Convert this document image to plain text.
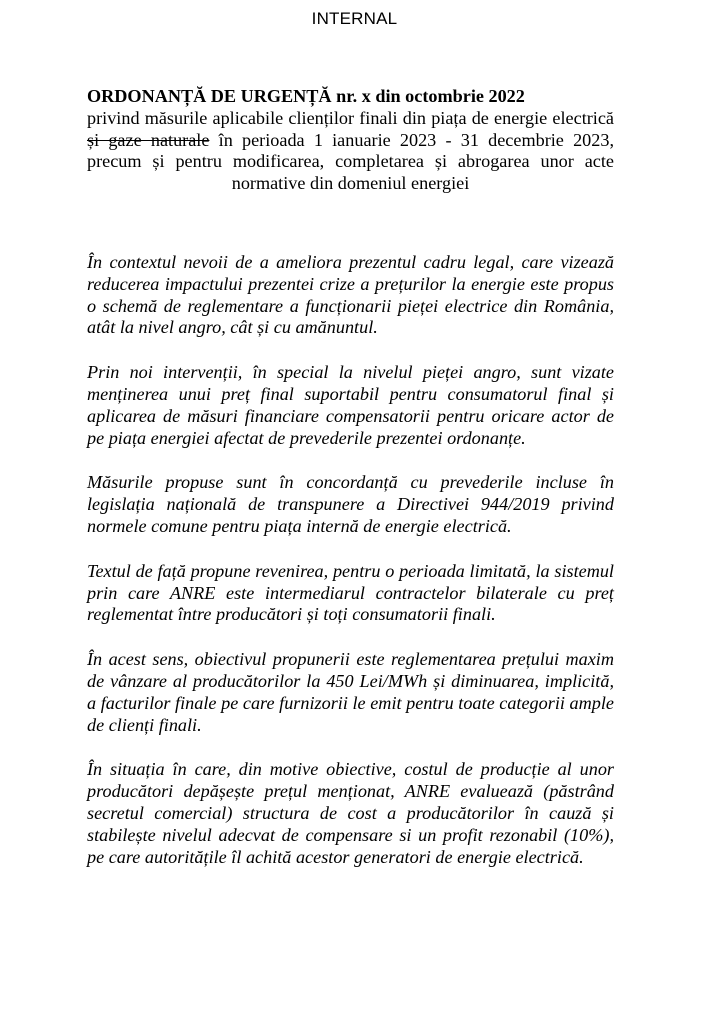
INTERNAL
ORDONANȚĂ DE URGENȚĂ nr. x din octombrie 2022
privind măsurile aplicabile clienților finali din piața de energie electrică și gaze naturale în perioada 1 ianuarie 2023 - 31 decembrie 2023, precum și pentru modificarea, completarea și abrogarea unor acte normative din domeniul energiei

În contextul nevoii de a ameliora prezentul cadru legal, care vizează reducerea impactului prezentei crize a prețurilor la energie este propus o schemă de reglementare a funcționarii pieței electrice din România, atât la nivel angro, cât și cu amănuntul.

Prin noi intervenții, în special la nivelul pieței angro, sunt vizate menținerea unui preț final suportabil pentru consumatorul final și aplicarea de măsuri financiare compensatorii pentru oricare actor de pe piața energiei afectat de prevederile prezentei ordonanțe.

Măsurile propuse sunt în concordanță cu prevederile incluse în legislația națională de transpunere a Directivei 944/2019 privind normele comune pentru piața internă de energie electrică.

Textul de față propune revenirea, pentru o perioada limitată, la sistemul prin care ANRE este intermediarul contractelor bilaterale cu preț reglementat între producători și toți consumatorii finali.

În acest sens, obiectivul propunerii este reglementarea prețului maxim de vânzare al producătorilor la 450 Lei/MWh și diminuarea, implicită, a facturilor finale pe care furnizorii le emit pentru toate categorii ample de clienți finali.

În situația în care, din motive obiective, costul de producție al unor producători depășește prețul menționat, ANRE evaluează (păstrând secretul comercial) structura de cost a producătorilor în cauză și stabilește nivelul adecvat de compensare si un profit rezonabil (10%), pe care autoritățile îl achită acestor generatori de energie electrică.
